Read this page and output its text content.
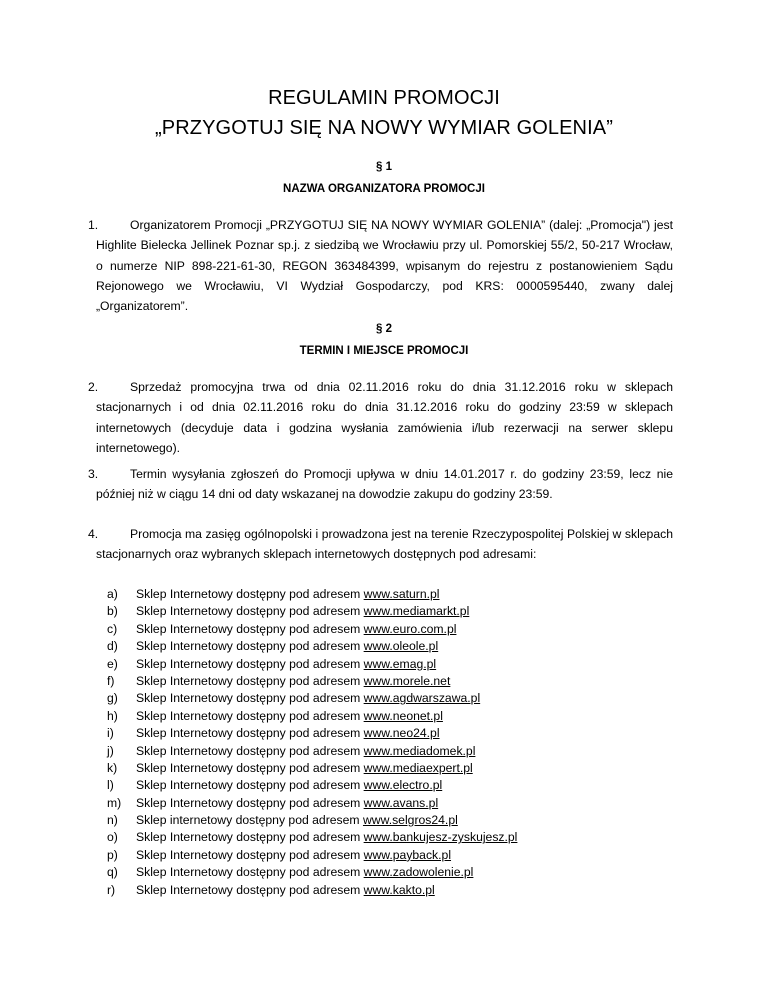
REGULAMIN PROMOCJI
„PRZYGOTUJ SIĘ NA NOWY WYMIAR GOLENIA”
§ 1
NAZWA ORGANIZATORA PROMOCJI
1.	Organizatorem Promocji „PRZYGOTUJ SIĘ NA NOWY WYMIAR GOLENIA” (dalej: „Promocja") jest Highlite Bielecka Jellinek Poznar sp.j. z siedzibą we Wrocławiu przy ul. Pomorskiej 55/2, 50-217 Wrocław, o numerze NIP 898-221-61-30, REGON 363484399, wpisanym do rejestru z postanowieniem Sądu Rejonowego we Wrocławiu, VI Wydział Gospodarczy, pod KRS: 0000595440, zwany dalej „Organizatorem”.
§ 2
TERMIN I MIEJSCE PROMOCJI
2.	Sprzedaż promocyjna trwa od dnia 02.11.2016 roku do dnia 31.12.2016 roku w sklepach stacjonarnych i od dnia 02.11.2016 roku do dnia 31.12.2016 roku do godziny 23:59 w sklepach internetowych (decyduje data i godzina wysłania zamówienia i/lub rezerwacji na serwer sklepu internetowego).
3.	Termin wysyłania zgłoszeń do Promocji upływa w dniu 14.01.2017 r. do godziny 23:59, lecz nie później niż w ciągu 14 dni od daty wskazanej na dowodzie zakupu do godziny 23:59.
4.	Promocja ma zasięg ogólnopolski i prowadzona jest na terenie Rzeczypospolitej Polskiej w sklepach stacjonarnych oraz wybranych sklepach internetowych dostępnych pod adresami:
a) Sklep Internetowy dostępny pod adresem www.saturn.pl
b) Sklep Internetowy dostępny pod adresem www.mediamarkt.pl
c) Sklep Internetowy dostępny pod adresem www.euro.com.pl
d) Sklep Internetowy dostępny pod adresem www.oleole.pl
e) Sklep Internetowy dostępny pod adresem www.emag.pl
f) Sklep Internetowy dostępny pod adresem www.morele.net
g) Sklep Internetowy dostępny pod adresem www.agdwarszawa.pl
h) Sklep Internetowy dostępny pod adresem www.neonet.pl
i) Sklep Internetowy dostępny pod adresem www.neo24.pl
j) Sklep Internetowy dostępny pod adresem www.mediadomek.pl
k) Sklep Internetowy dostępny pod adresem www.mediaexpert.pl
l) Sklep Internetowy dostępny pod adresem www.electro.pl
m) Sklep Internetowy dostępny pod adresem www.avans.pl
n) Sklep internetowy dostępny pod adresem www.selgros24.pl
o) Sklep Internetowy dostępny pod adresem www.bankujesz-zyskujesz.pl
p) Sklep Internetowy dostępny pod adresem www.payback.pl
q) Sklep Internetowy dostępny pod adresem www.zadowolenie.pl
r) Sklep Internetowy dostępny pod adresem www.kakto.pl
